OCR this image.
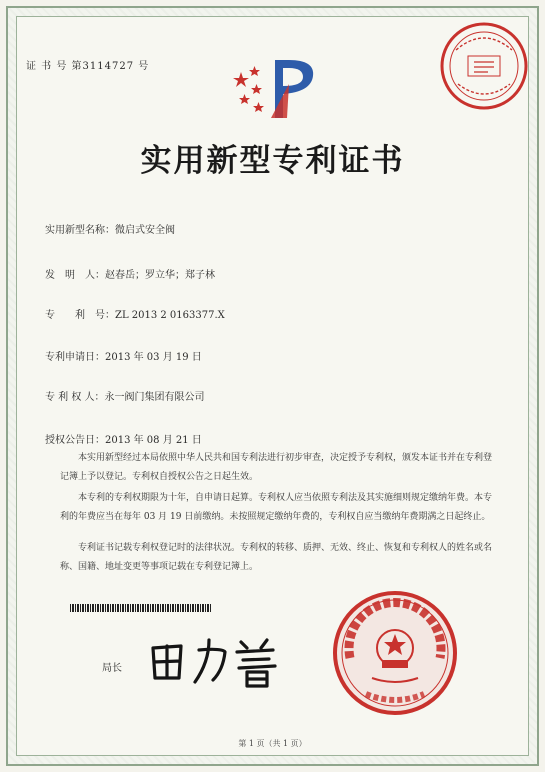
证 书 号 第3114727 号
实用新型专利证书
实用新型名称：微启式安全阀
发　明　人：赵春岳；罗立华；郑子林
专　　利　号：ZL 2013 2 0163377.X
专利申请日：2013 年 03 月 19 日
专 利 权 人：永一阀门集团有限公司
授权公告日：2013 年 08 月 21 日
本实用新型经过本局依照中华人民共和国专利法进行初步审查，决定授予专利权，颁发本证书并在专利登记簿上予以登记。专利权自授权公告之日起生效。
本专利的专利权期限为十年，自申请日起算。专利权人应当依照专利法及其实施细则规定缴纳年费。本专利的年费应当在每年 03 月 19 日前缴纳。未按照规定缴纳年费的，专利权自应当缴纳年费期满之日起终止。
专利证书记载专利权登记时的法律状况。专利权的转移、质押、无效、终止、恢复和专利权人的姓名或名称、国籍、地址变更等事项记载在专利登记簿上。
局长
第 1 页（共 1 页）
